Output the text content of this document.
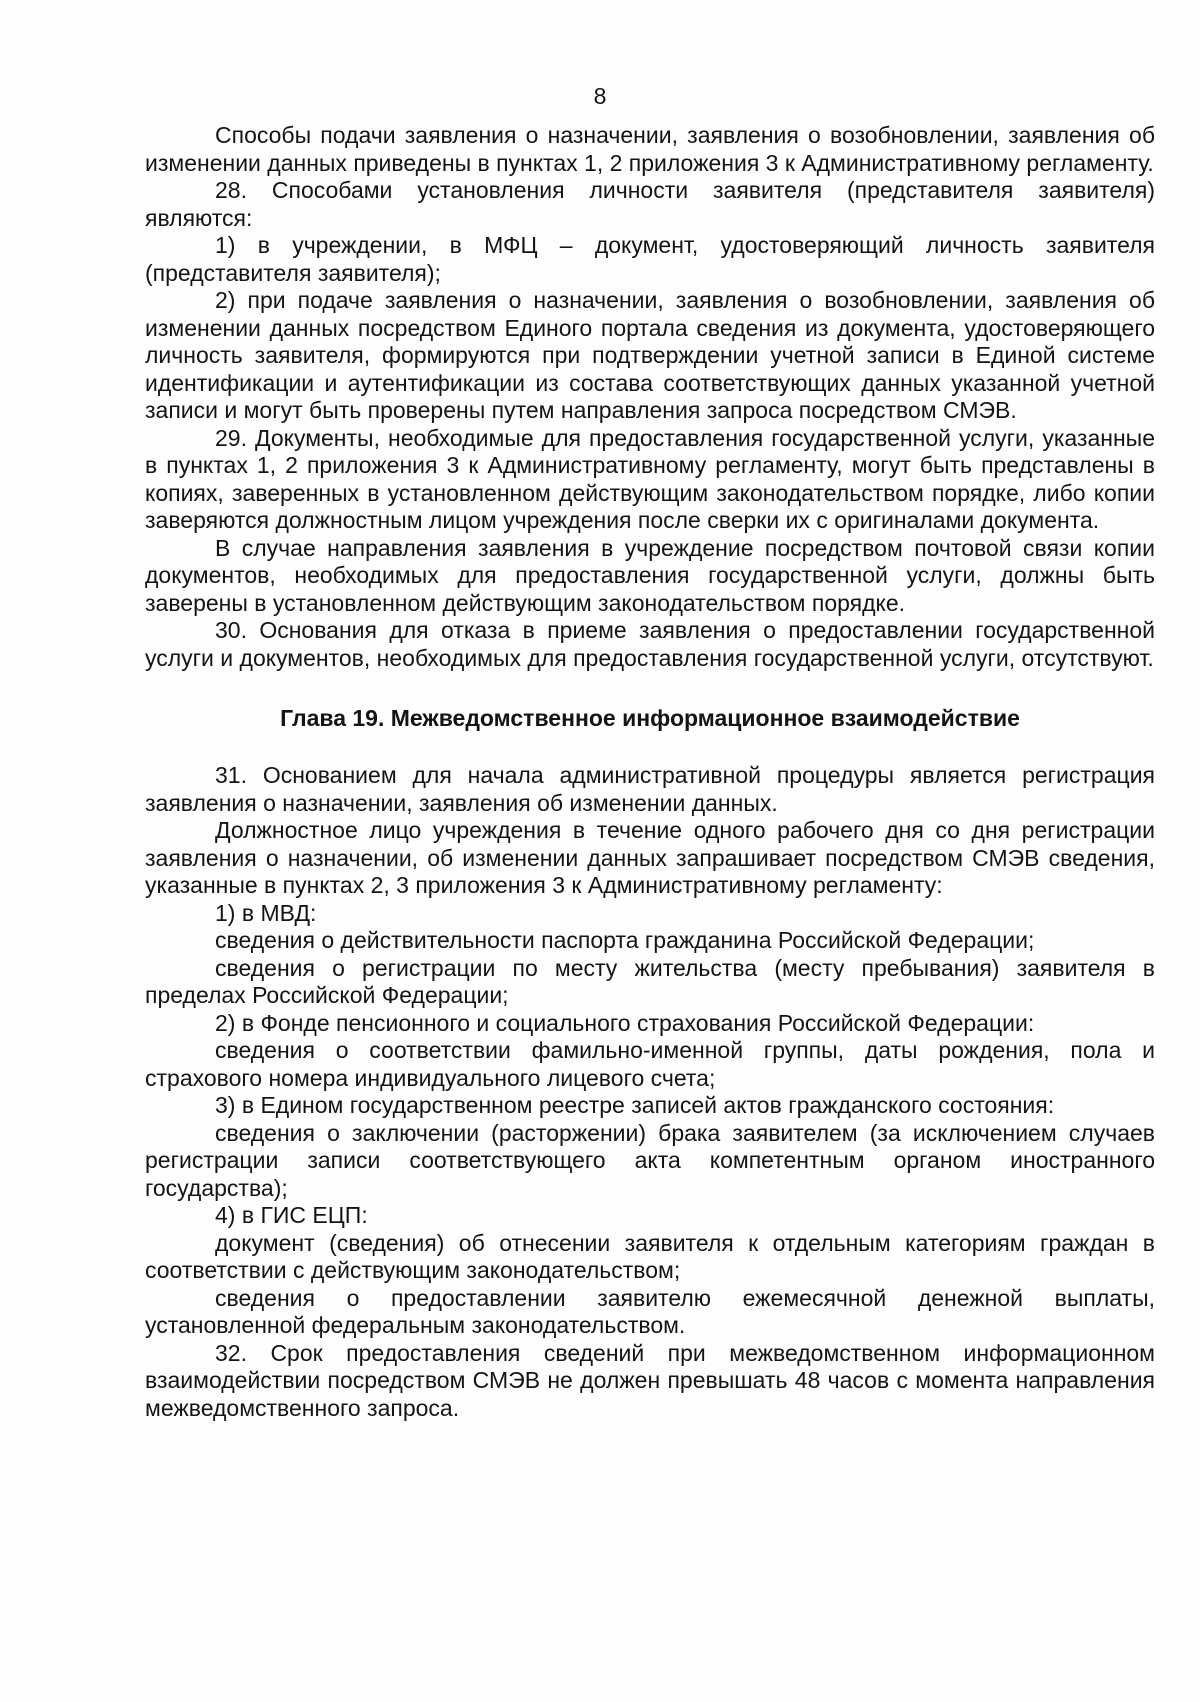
8

Способы подачи заявления о назначении, заявления о возобновлении, заявления об изменении данных приведены в пунктах 1, 2 приложения 3 к Административному регламенту.

28. Способами установления личности заявителя (представителя заявителя) являются:

1) в учреждении, в МФЦ – документ, удостоверяющий личность заявителя (представителя заявителя);

2) при подаче заявления о назначении, заявления о возобновлении, заявления об изменении данных посредством Единого портала сведения из документа, удостоверяющего личность заявителя, формируются при подтверждении учетной записи в Единой системе идентификации и аутентификации из состава соответствующих данных указанной учетной записи и могут быть проверены путем направления запроса посредством СМЭВ.

29. Документы, необходимые для предоставления государственной услуги, указанные в пунктах 1, 2 приложения 3 к Административному регламенту, могут быть представлены в копиях, заверенных в установленном действующим законодательством порядке, либо копии заверяются должностным лицом учреждения после сверки их с оригиналами документа.

В случае направления заявления в учреждение посредством почтовой связи копии документов, необходимых для предоставления государственной услуги, должны быть заверены в установленном действующим законодательством порядке.

30. Основания для отказа в приеме заявления о предоставлении государственной услуги и документов, необходимых для предоставления государственной услуги, отсутствуют.

Глава 19. Межведомственное информационное взаимодействие

31. Основанием для начала административной процедуры является регистрация заявления о назначении, заявления об изменении данных.

Должностное лицо учреждения в течение одного рабочего дня со дня регистрации заявления о назначении, об изменении данных запрашивает посредством СМЭВ сведения, указанные в пунктах 2, 3 приложения 3 к Административному регламенту:

1) в МВД:

сведения о действительности паспорта гражданина Российской Федерации;

сведения о регистрации по месту жительства (месту пребывания) заявителя в пределах Российской Федерации;

2) в Фонде пенсионного и социального страхования Российской Федерации:

сведения о соответствии фамильно-именной группы, даты рождения, пола и страхового номера индивидуального лицевого счета;

3) в Едином государственном реестре записей актов гражданского состояния:

сведения о заключении (расторжении) брака заявителем (за исключением случаев регистрации записи соответствующего акта компетентным органом иностранного государства);

4) в ГИС ЕЦП:

документ (сведения) об отнесении заявителя к отдельным категориям граждан в соответствии с действующим законодательством;

сведения о предоставлении заявителю ежемесячной денежной выплаты, установленной федеральным законодательством.

32. Срок предоставления сведений при межведомственном информационном взаимодействии посредством СМЭВ не должен превышать 48 часов с момента направления межведомственного запроса.
